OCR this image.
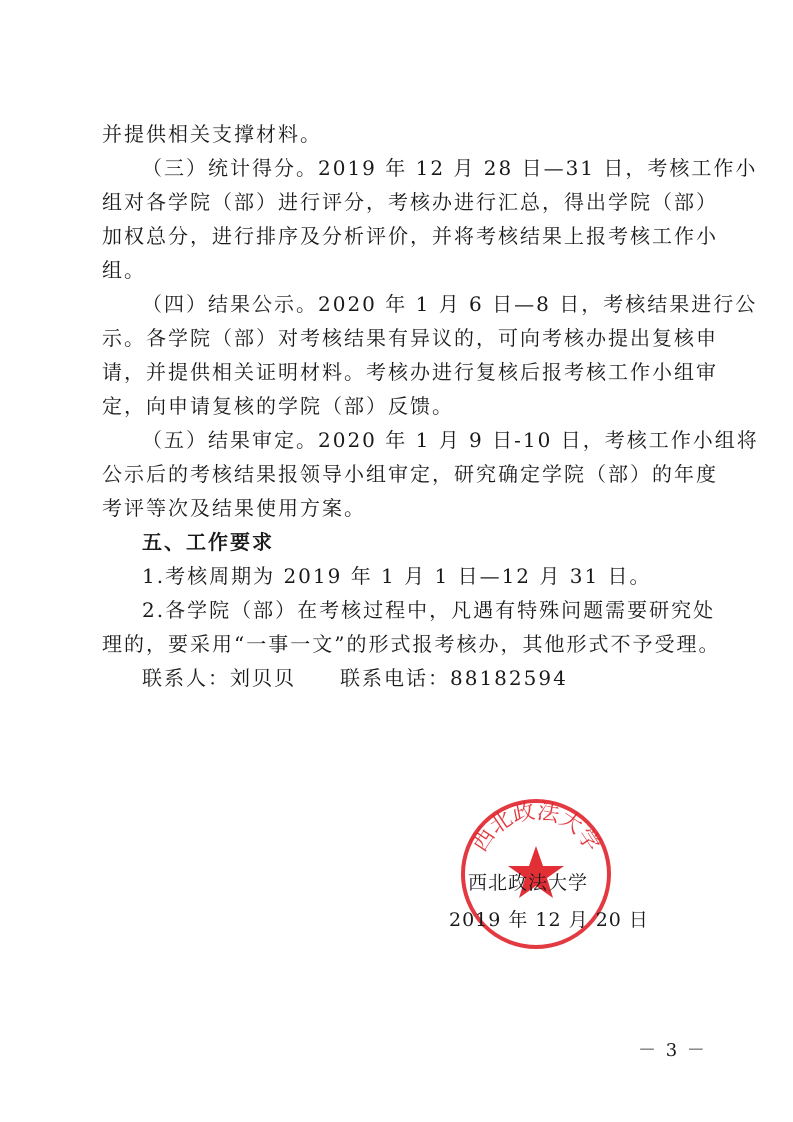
并提供相关支撑材料。
（三）统计得分。2019 年 12 月 28 日—31 日，考核工作小
组对各学院（部）进行评分，考核办进行汇总，得出学院（部）
加权总分，进行排序及分析评价，并将考核结果上报考核工作小
组。
（四）结果公示。2020 年 1 月 6 日—8 日，考核结果进行公
示。各学院（部）对考核结果有异议的，可向考核办提出复核申
请，并提供相关证明材料。考核办进行复核后报考核工作小组审
定，向申请复核的学院（部）反馈。
（五）结果审定。2020 年 1 月 9 日-10 日，考核工作小组将
公示后的考核结果报领导小组审定，研究确定学院（部）的年度
考评等次及结果使用方案。
五、工作要求
1.考核周期为 2019 年 1 月 1 日—12 月 31 日。
2.各学院（部）在考核过程中，凡遇有特殊问题需要研究处
理的，要采用“一事一文”的形式报考核办，其他形式不予受理。
联系人：刘贝贝　　联系电话：88182594
西北政法大学
西北政法大学
2019 年 12 月 20 日
－ 3 －
